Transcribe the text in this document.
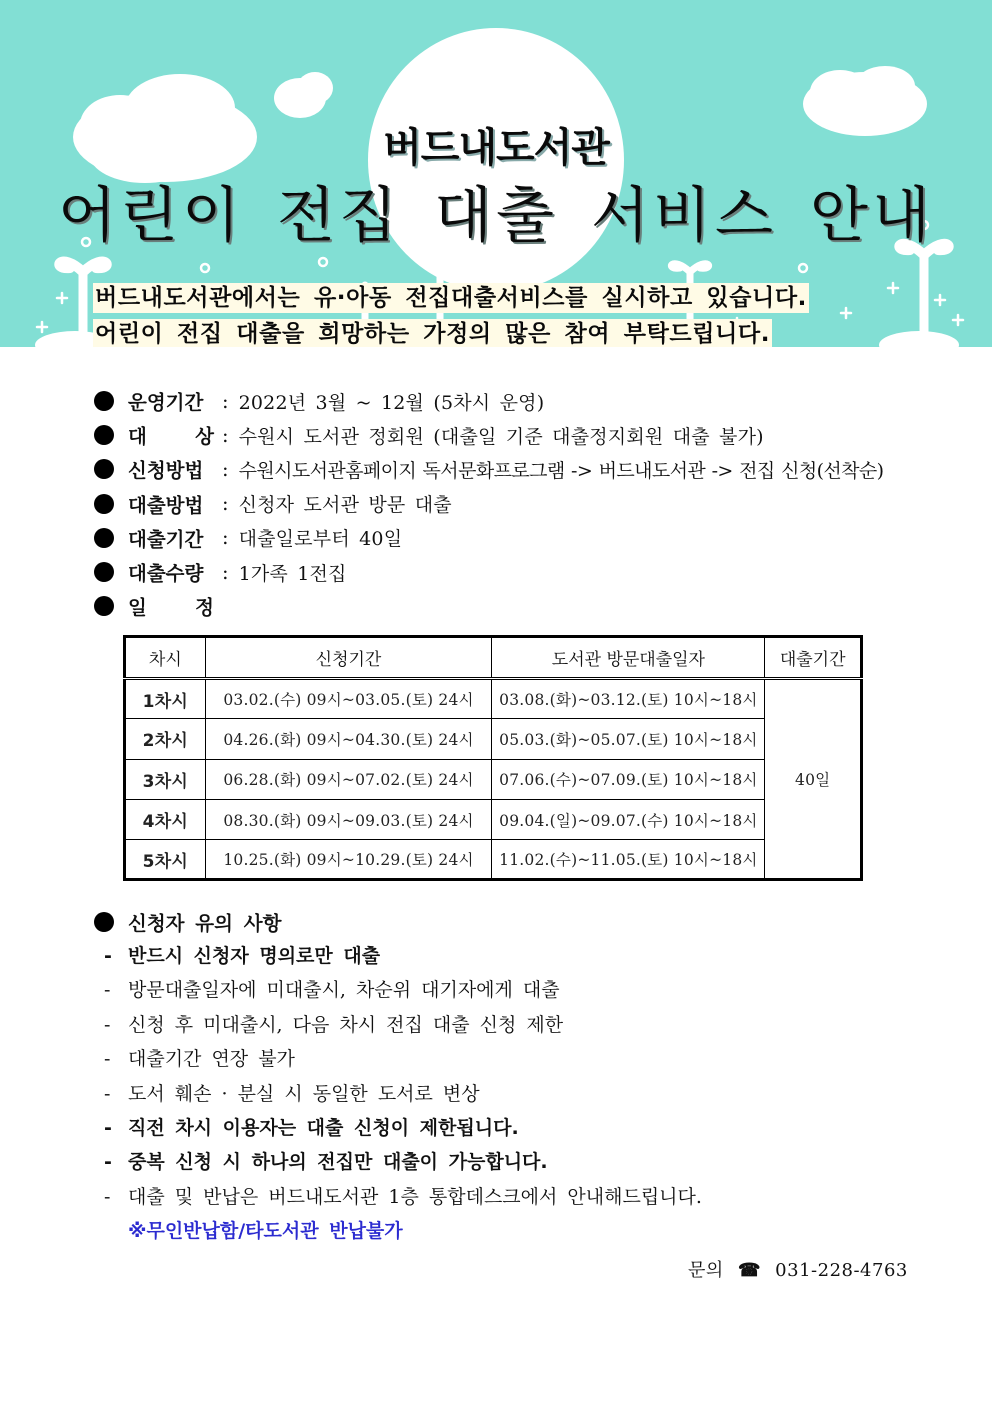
버드내도서관
어린이 전집 대출 서비스 안내
버드내도서관에서는 유·아동 전집대출서비스를 실시하고 있습니다.
어린이 전집 대출을 희망하는 가정의 많은 참여 부탁드립니다.
운영기간 : 2022년 3월 ~ 12월 (5차시 운영)
대 상 : 수원시 도서관 정회원 (대출일 기준 대출정지회원 대출 불가)
신청방법 : 수원시도서관홈페이지 독서문화프로그램 -> 버드내도서관 -> 전집 신청(선착순)
대출방법 : 신청자 도서관 방문 대출
대출기간 : 대출일로부터 40일
대출수량 : 1가족 1전집
일 정
차시	신청기간	도서관 방문대출일자	대출기간
1차시	03.02.(수) 09시~03.05.(토) 24시	03.08.(화)~03.12.(토) 10시~18시	40일
2차시	04.26.(화) 09시~04.30.(토) 24시	05.03.(화)~05.07.(토) 10시~18시	
3차시	06.28.(화) 09시~07.02.(토) 24시	07.06.(수)~07.09.(토) 10시~18시	
4차시	08.30.(화) 09시~09.03.(토) 24시	09.04.(일)~09.07.(수) 10시~18시	
5차시	10.25.(화) 09시~10.29.(토) 24시	11.02.(수)~11.05.(토) 10시~18시	
신청자 유의 사항
- 반드시 신청자 명의로만 대출
- 방문대출일자에 미대출시, 차순위 대기자에게 대출
- 신청 후 미대출시, 다음 차시 전집 대출 신청 제한
- 대출기간 연장 불가
- 도서 훼손 · 분실 시 동일한 도서로 변상
- 직전 차시 이용자는 대출 신청이 제한됩니다.
- 중복 신청 시 하나의 전집만 대출이 가능합니다.
- 대출 및 반납은 버드내도서관 1층 통합데스크에서 안내해드립니다.
※무인반납함/타도서관 반납불가
문의 ☎ 031-228-4763
